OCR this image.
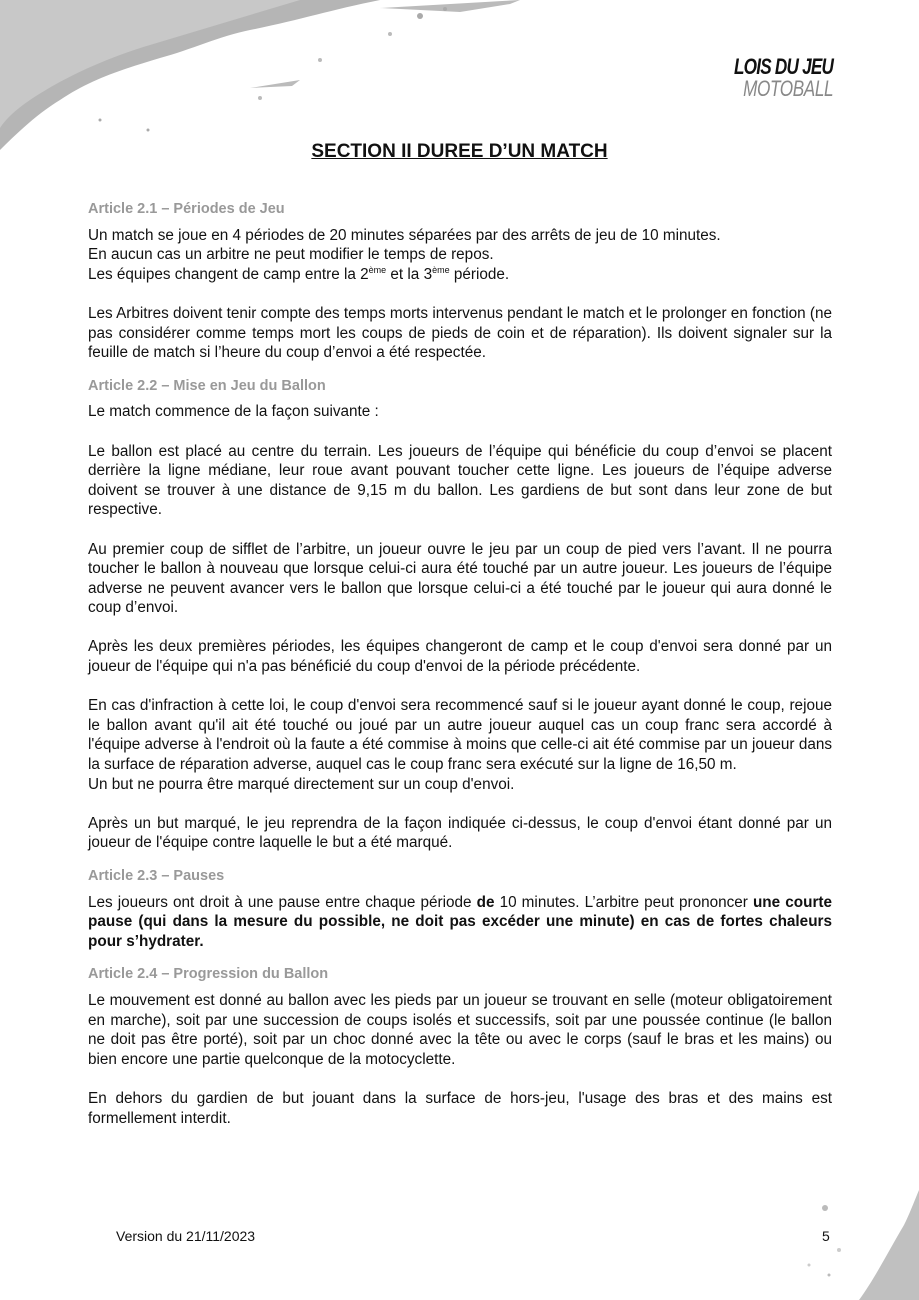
LOIS DU JEU
MOTOBALL
SECTION II DUREE D’UN MATCH
Article 2.1 – Périodes de Jeu

Un match se joue en 4 périodes de 20 minutes séparées par des arrêts de jeu de 10 minutes.

En aucun cas un arbitre ne peut modifier le temps de repos.

Les équipes changent de camp entre la 2ème et la 3ème période.

Les Arbitres doivent tenir compte des temps morts intervenus pendant le match et le prolonger en fonction (ne pas considérer comme temps mort les coups de pieds de coin et de réparation). Ils doivent signaler sur la feuille de match si l’heure du coup d’envoi a été respectée.

Article 2.2 – Mise en Jeu du Ballon

Le match commence de la façon suivante :

Le ballon est placé au centre du terrain. Les joueurs de l’équipe qui bénéficie du coup d’envoi se placent derrière la ligne médiane, leur roue avant pouvant toucher cette ligne. Les joueurs de l’équipe adverse doivent se trouver à une distance de 9,15 m du ballon. Les gardiens de but sont dans leur zone de but respective.

Au premier coup de sifflet de l’arbitre, un joueur ouvre le jeu par un coup de pied vers l’avant. Il ne pourra toucher le ballon à nouveau que lorsque celui-ci aura été touché par un autre joueur. Les joueurs de l’équipe adverse ne peuvent avancer vers le ballon que lorsque celui-ci a été touché par le joueur qui aura donné le coup d’envoi.

Après les deux premières périodes, les équipes changeront de camp et le coup d'envoi sera donné par un joueur de l'équipe qui n'a pas bénéficié du coup d'envoi de la période précédente.

En cas d'infraction à cette loi, le coup d'envoi sera recommencé sauf si le joueur ayant donné le coup, rejoue le ballon avant qu'il ait été touché ou joué par un autre joueur auquel cas un coup franc sera accordé à l'équipe adverse à l'endroit où la faute a été commise à moins que celle-ci ait été commise par un joueur dans la surface de réparation adverse, auquel cas le coup franc sera exécuté sur la ligne de 16,50 m.

Un but ne pourra être marqué directement sur un coup d'envoi.

Après un but marqué, le jeu reprendra de la façon indiquée ci-dessus, le coup d'envoi étant donné par un joueur de l'équipe contre laquelle le but a été marqué.

Article 2.3 – Pauses

Les joueurs ont droit à une pause entre chaque période de 10 minutes. L’arbitre peut prononcer une courte pause (qui dans la mesure du possible, ne doit pas excéder une minute) en cas de fortes chaleurs pour s’hydrater.

Article 2.4 – Progression du Ballon

Le mouvement est donné au ballon avec les pieds par un joueur se trouvant en selle (moteur obligatoirement en marche), soit par une succession de coups isolés et successifs, soit par une poussée continue (le ballon ne doit pas être porté), soit par un choc donné avec la tête ou avec le corps (sauf le bras et les mains) ou bien encore une partie quelconque de la motocyclette.

En dehors du gardien de but jouant dans la surface de hors-jeu, l'usage des bras et des mains est formellement interdit.

Version du 21/11/2023	5
